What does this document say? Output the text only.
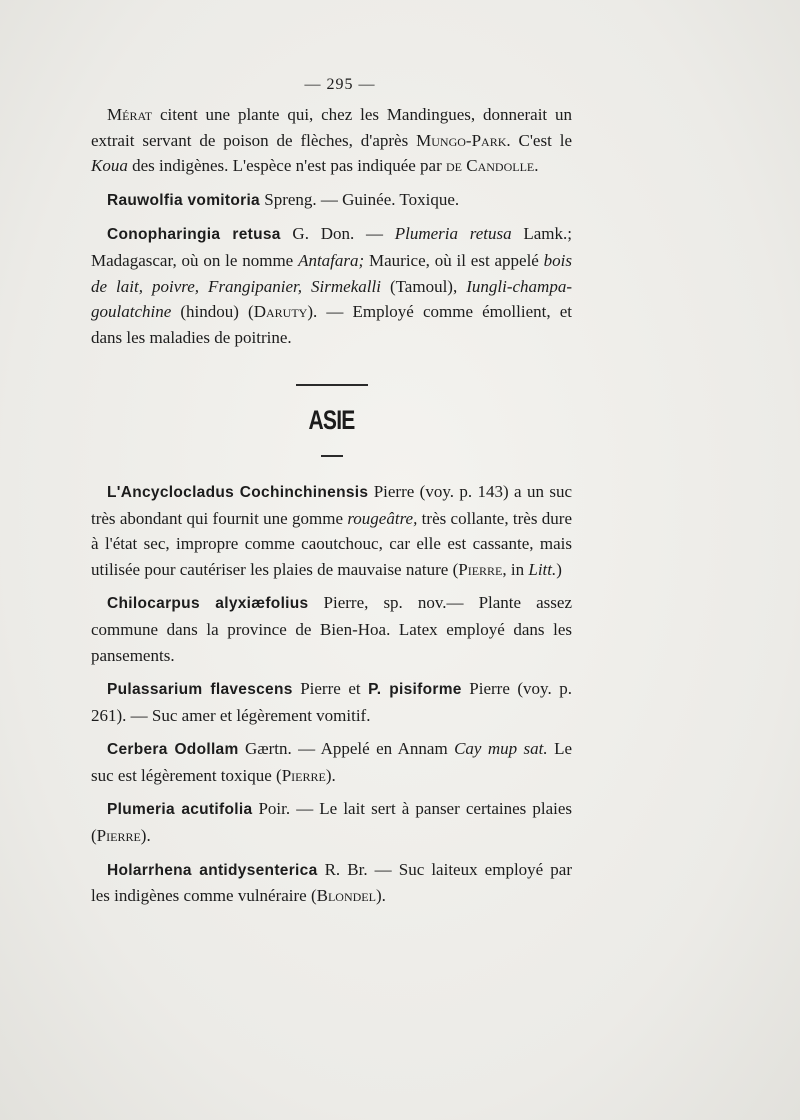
— 295 —

Mérat citent une plante qui, chez les Mandingues, donnerait un extrait servant de poison de flèches, d'après Mungo-Park. C'est le Koua des indigènes. L'espèce n'est pas indiquée par de Candolle.

Rauwolfia vomitoria Spreng. — Guinée. Toxique.

Conopharingia retusa G. Don. — Plumeria retusa Lamk.; Madagascar, où on le nomme Antafara; Maurice, où il est appelé bois de lait, poivre, Frangipanier, Sirmekalli (Tamoul), Iungli-champa-goulatchine (hindou) (Daruty). — Employé comme émollient, et dans les maladies de poitrine.

ASIE

L'Ancyclocladus Cochinchinensis Pierre (voy. p. 143) a un suc très abondant qui fournit une gomme rougeâtre, très collante, très dure à l'état sec, impropre comme caoutchouc, car elle est cassante, mais utilisée pour cautériser les plaies de mauvaise nature (Pierre, in Litt.)

Chilocarpus alyxiæfolius Pierre, sp. nov.— Plante assez commune dans la province de Bien-Hoa. Latex employé dans les pansements.

Pulassarium flavescens Pierre et P. pisiforme Pierre (voy. p. 261). — Suc amer et légèrement vomitif.

Cerbera Odollam Gærtn. — Appelé en Annam Cay mup sat. Le suc est légèrement toxique (Pierre).

Plumeria acutifolia Poir. — Le lait sert à panser certaines plaies (Pierre).

Holarrhena antidysenterica R. Br. — Suc laiteux employé par les indigènes comme vulnéraire (Blondel).
